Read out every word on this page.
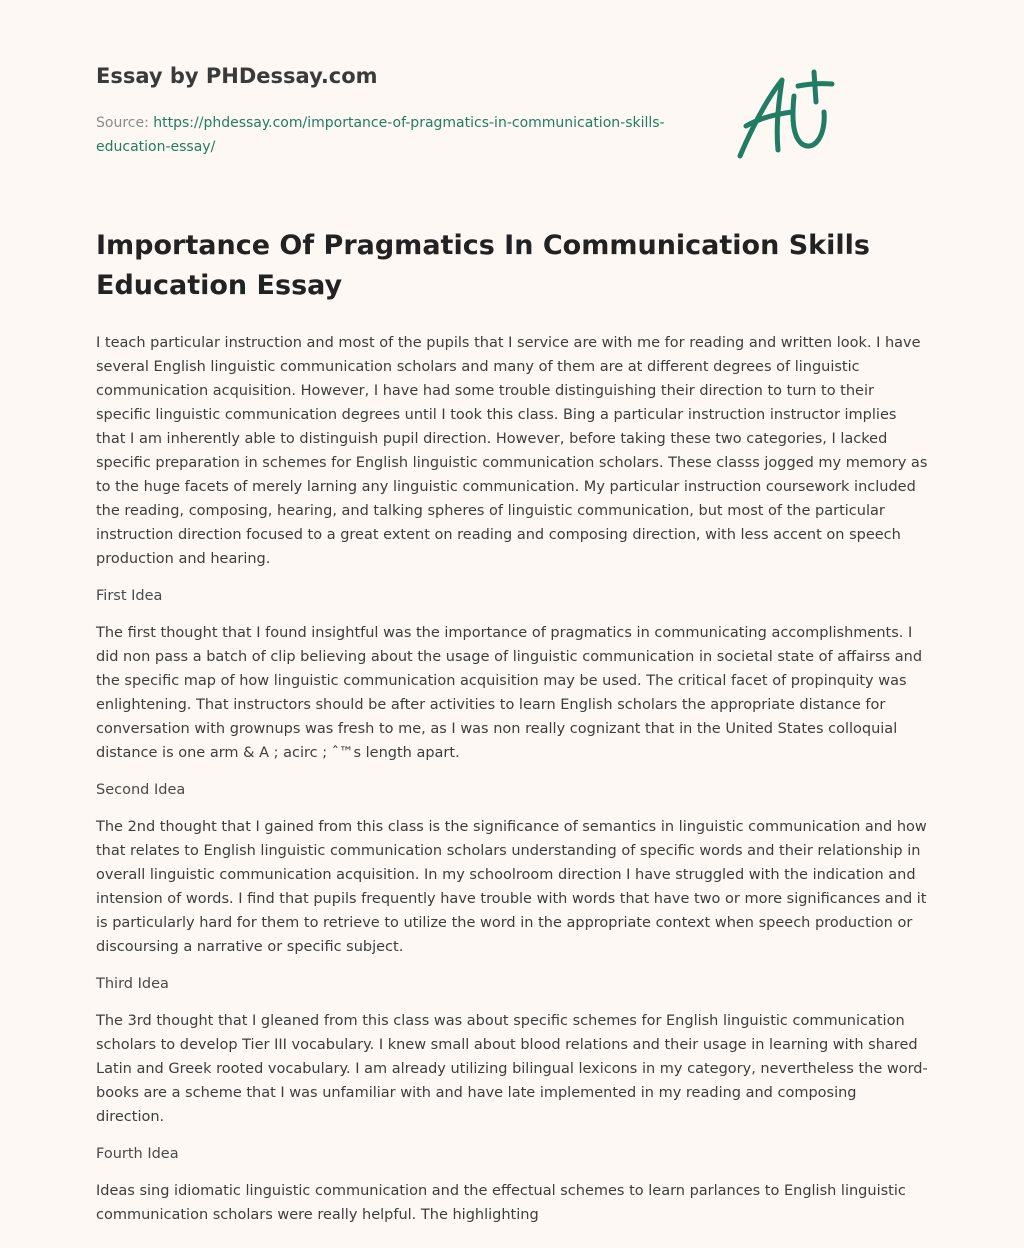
Essay by PHDessay.com
Source: https://phdessay.com/importance-of-pragmatics-in-communication-skills-education-essay/
Importance Of Pragmatics In Communication Skills Education Essay

I teach particular instruction and most of the pupils that I service are with me for reading and written look. I have several English linguistic communication scholars and many of them are at different degrees of linguistic communication acquisition. However, I have had some trouble distinguishing their direction to turn to their specific linguistic communication degrees until I took this class. Bing a particular instruction instructor implies that I am inherently able to distinguish pupil direction. However, before taking these two categories, I lacked specific preparation in schemes for English linguistic communication scholars. These classs jogged my memory as to the huge facets of merely larning any linguistic communication. My particular instruction coursework included the reading, composing, hearing, and talking spheres of linguistic communication, but most of the particular instruction direction focused to a great extent on reading and composing direction, with less accent on speech production and hearing.

First Idea

The first thought that I found insightful was the importance of pragmatics in communicating accomplishments. I did non pass a batch of clip believing about the usage of linguistic communication in societal state of affairss and the specific map of how linguistic communication acquisition may be used. The critical facet of propinquity was enlightening. That instructors should be after activities to learn English scholars the appropriate distance for conversation with grownups was fresh to me, as I was non really cognizant that in the United States colloquial distance is one arm & A ; acirc ; ˆ™s length apart.

Second Idea

The 2nd thought that I gained from this class is the significance of semantics in linguistic communication and how that relates to English linguistic communication scholars understanding of specific words and their relationship in overall linguistic communication acquisition. In my schoolroom direction I have struggled with the indication and intension of words. I find that pupils frequently have trouble with words that have two or more significances and it is particularly hard for them to retrieve to utilize the word in the appropriate context when speech production or discoursing a narrative or specific subject.

Third Idea

The 3rd thought that I gleaned from this class was about specific schemes for English linguistic communication scholars to develop Tier III vocabulary. I knew small about blood relations and their usage in learning with shared Latin and Greek rooted vocabulary. I am already utilizing bilingual lexicons in my category, nevertheless the word-books are a scheme that I was unfamiliar with and have late implemented in my reading and composing direction.

Fourth Idea

Ideas sing idiomatic linguistic communication and the effectual schemes to learn parlances to English linguistic communication scholars were really helpful. The highlighting
